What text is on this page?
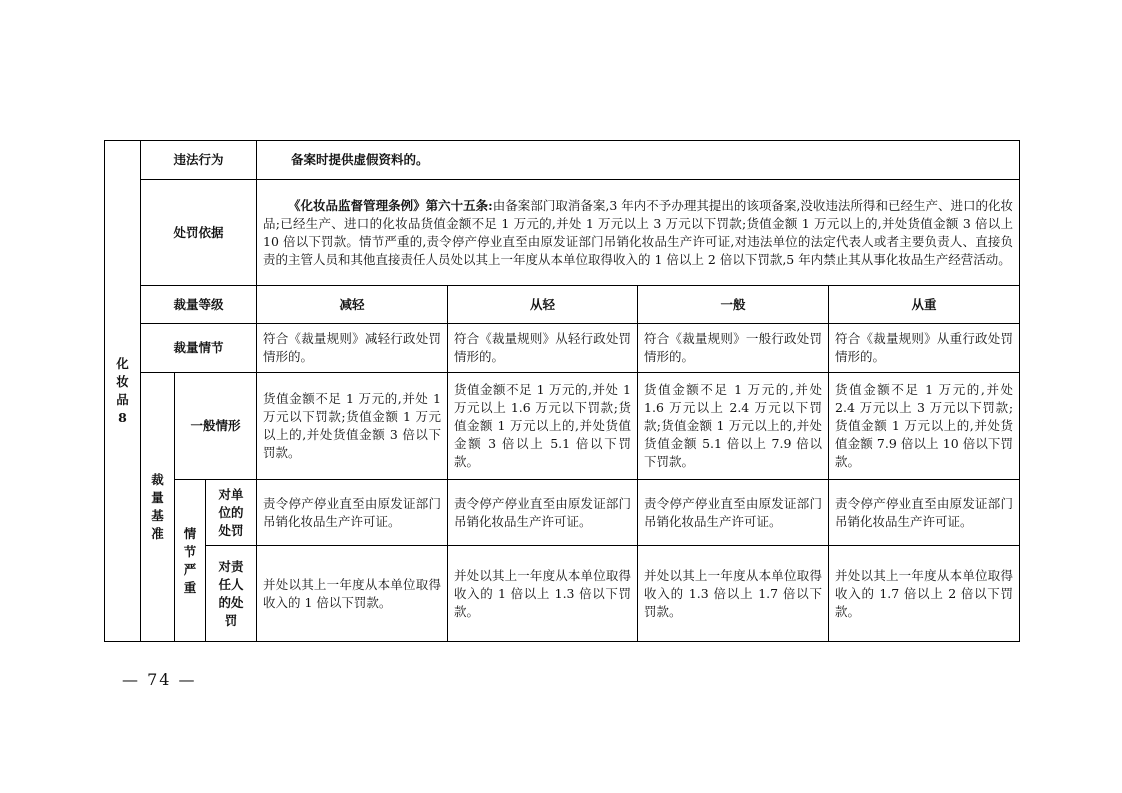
化
妆
品
8	违法行为			备案时提供虚假资料的。			
	处罚依据			《化妆品监督管理条例》第六十五条:由备案部门取消备案,3 年内不予办理其提出的该项备案,没收违法所得和已经生产、进口的化妆品;已经生产、进口的化妆品货值金额不足 1 万元的,并处 1 万元以上 3 万元以下罚款;货值金额 1 万元以上的,并处货值金额 3 倍以上 10 倍以下罚款。情节严重的,责令停产停业直至由原发证部门吊销化妆品生产许可证,对违法单位的法定代表人或者主要负责人、直接负责的主管人员和其他直接责任人员处以其上一年度从本单位取得收入的 1 倍以上 2 倍以下罚款,5 年内禁止其从事化妆品生产经营活动。			
	裁量等级			减轻	从轻	一般	从重
	裁量情节			符合《裁量规则》减轻行政处罚情形的。	符合《裁量规则》从轻行政处罚情形的。	符合《裁量规则》一般行政处罚情形的。	符合《裁量规则》从重行政处罚情形的。

	裁
量
基
准	一般情形		货值金额不足 1 万元的,并处 1 万元以下罚款;货值金额 1 万元以上的,并处货值金额 3 倍以下罚款。	货值金额不足 1 万元的,并处 1 万元以上 1.6 万元以下罚款;货值金额 1 万元以上的,并处货值金额 3 倍以上 5.1 倍以下罚款。	货值金额不足 1 万元的,并处 1.6 万元以上 2.4 万元以下罚款;货值金额 1 万元以上的,并处货值金额 5.1 倍以上 7.9 倍以下罚款。	货值金额不足 1 万元的,并处 2.4 万元以上 3 万元以下罚款;货值金额 1 万元以上的,并处货值金额 7.9 倍以上 10 倍以下罚款。

		情
节
严
重	对单
位的
处罚	责令停产停业直至由原发证部门吊销化妆品生产许可证。	责令停产停业直至由原发证部门吊销化妆品生产许可证。	责令停产停业直至由原发证部门吊销化妆品生产许可证。	责令停产停业直至由原发证部门吊销化妆品生产许可证。

			对责
任人
的处
罚	并处以其上一年度从本单位取得收入的 1 倍以下罚款。	并处以其上一年度从本单位取得收入的 1 倍以上 1.3 倍以下罚款。	并处以其上一年度从本单位取得收入的 1.3 倍以上 1.7 倍以下罚款。	并处以其上一年度从本单位取得收入的 1.7 倍以上 2 倍以下罚款。
— 74 —
